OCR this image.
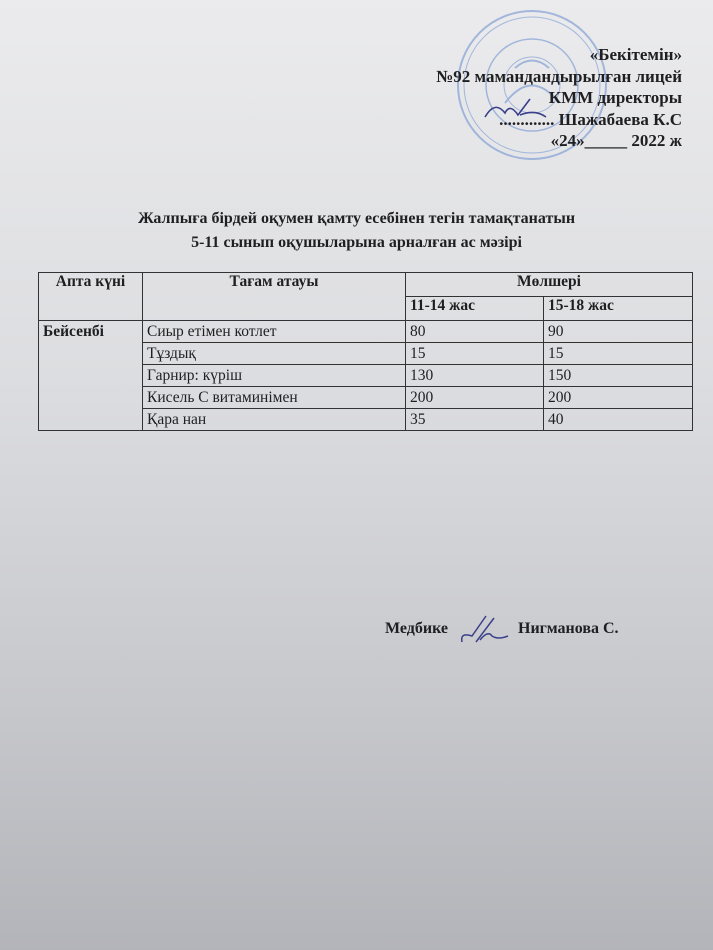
«Бекітемін»
№92 мамандандырылған лицей
КММ директоры
............. Шажабаева К.С
«24»_____ 2022 ж
Жалпыға бірдей оқумен қамту есебінен тегін тамақтанатын
5-11 сынып оқушыларына арналған ас мәзірі
Апта күні	Тағам атауы	Мөлшері	
		11-14 жас	15-18 жас
Бейсенбі	Сиыр етімен котлет	80	90
	Тұздық	15	15
	Гарнир: күріш	130	150
	Кисель С витаминімен	200	200
	Қара нан	35	40
Медбике	Нигманова С.
